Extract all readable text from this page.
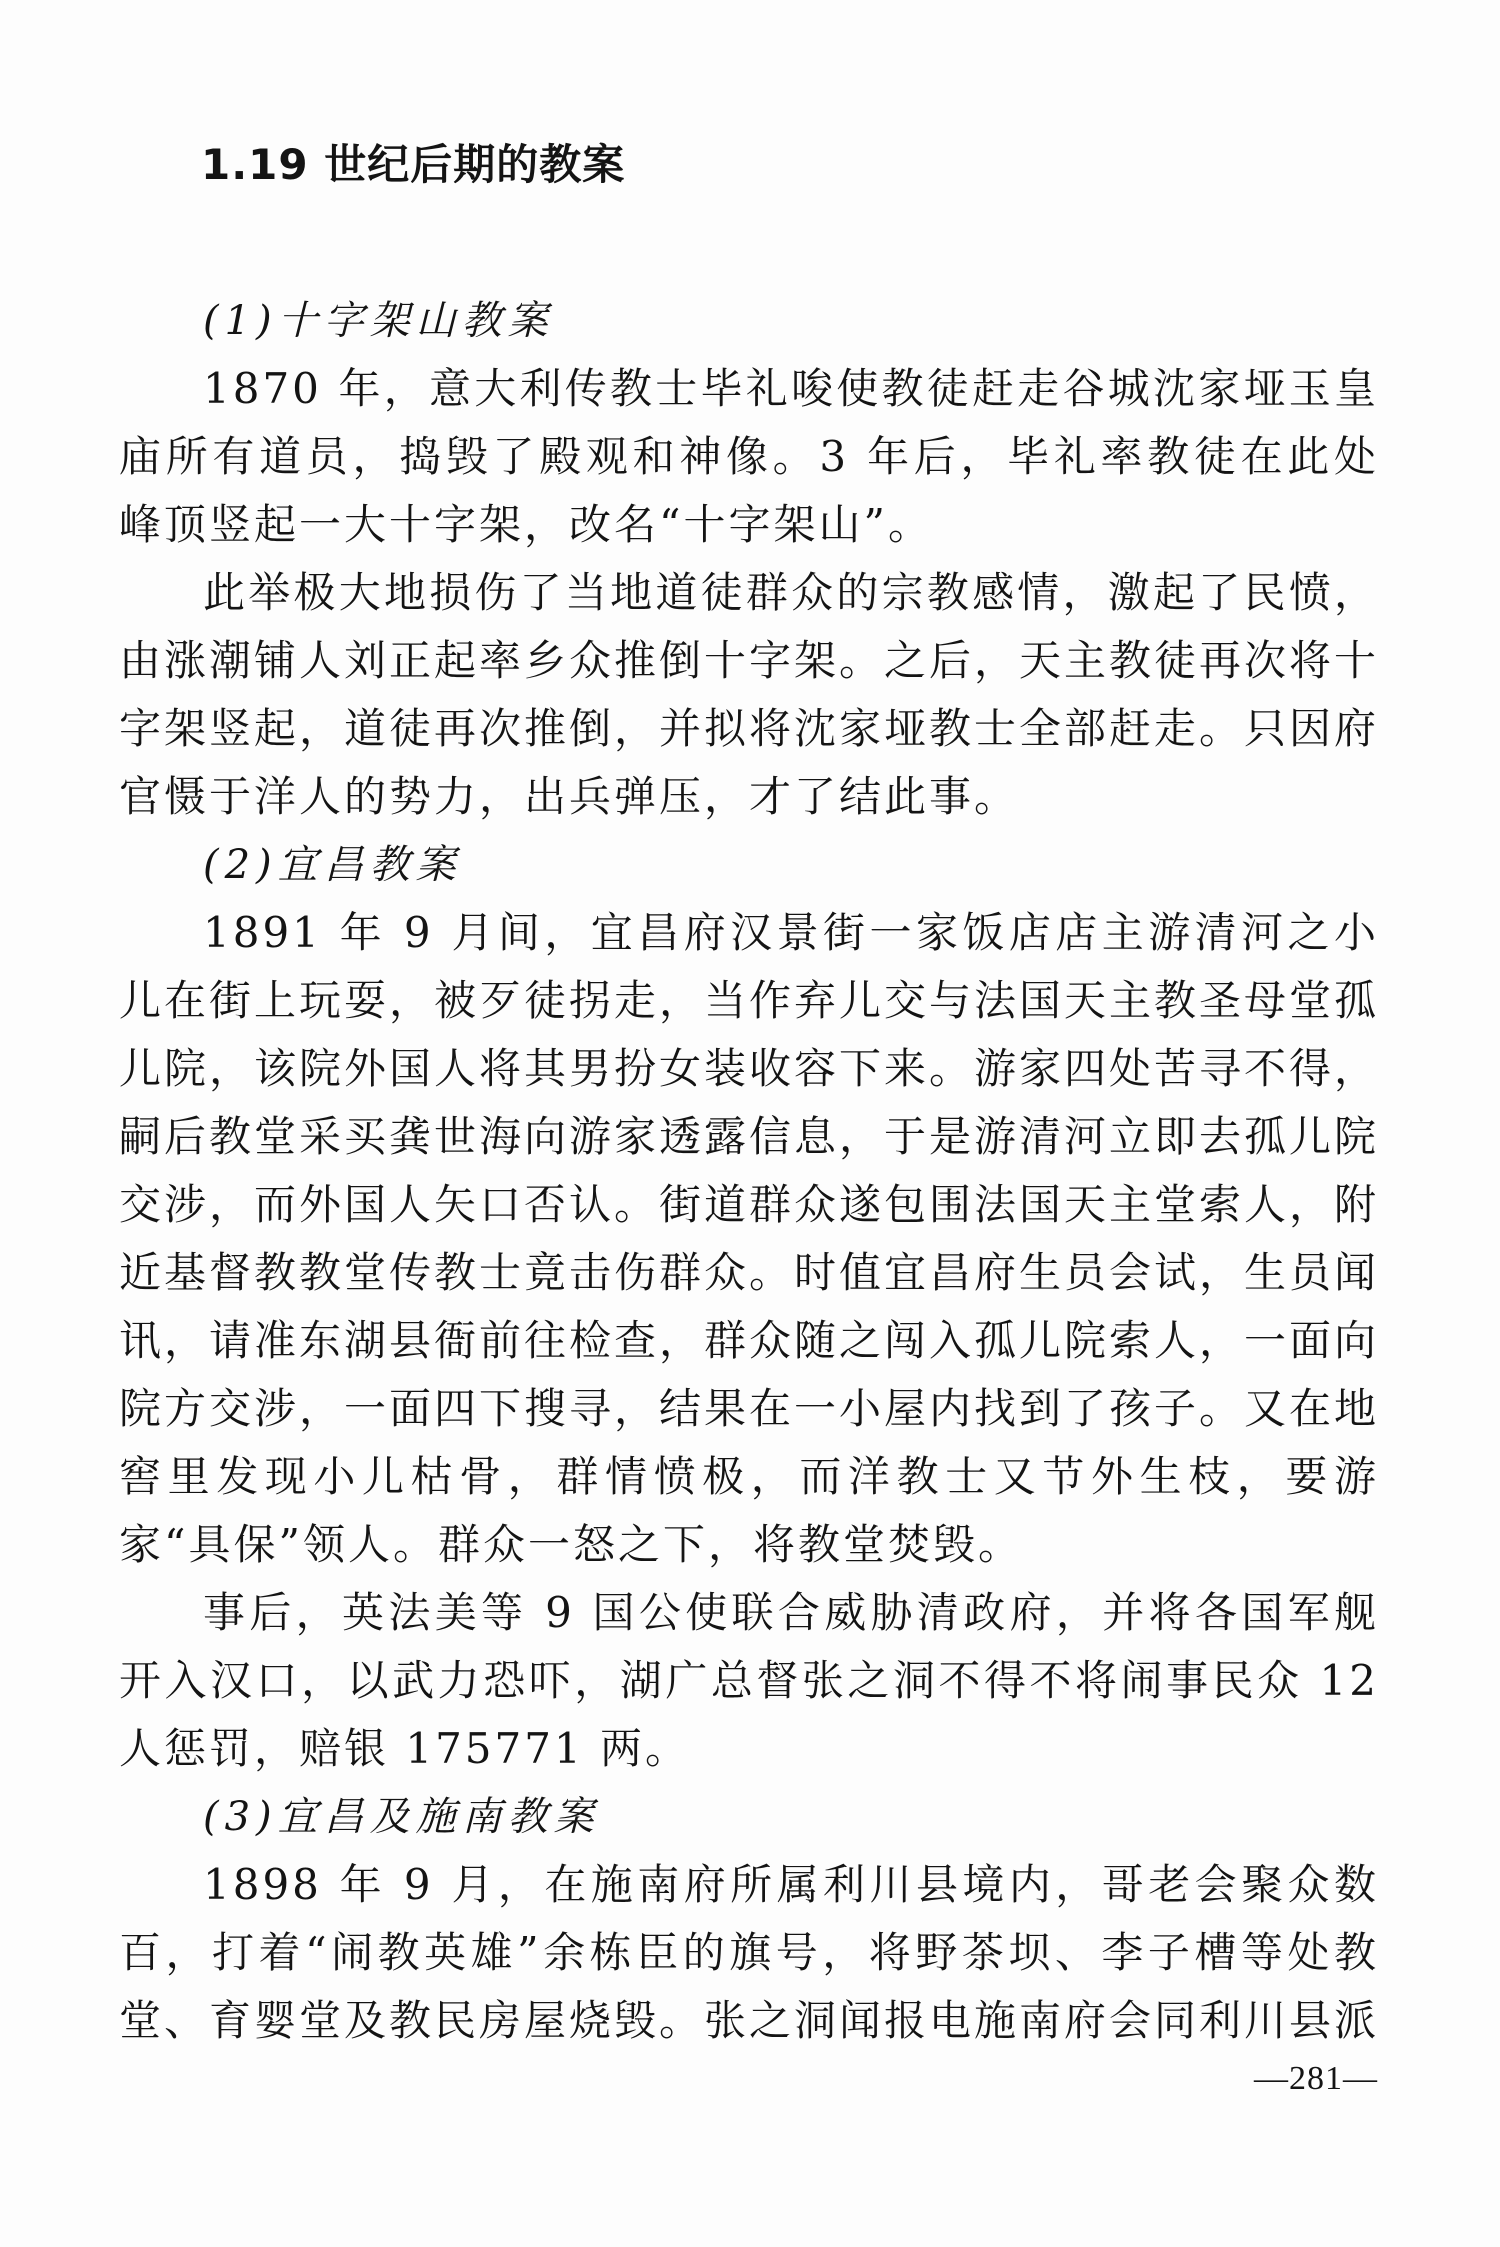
1.19 世纪后期的教案

(1)十字架山教案

1870 年，意大利传教士毕礼唆使教徒赶走谷城沈家垭玉皇庙所有道员，捣毁了殿观和神像。3 年后，毕礼率教徒在此处峰顶竖起一大十字架，改名“十字架山”。

此举极大地损伤了当地道徒群众的宗教感情，激起了民愤，由涨潮铺人刘正起率乡众推倒十字架。之后，天主教徒再次将十字架竖起，道徒再次推倒，并拟将沈家垭教士全部赶走。只因府官慑于洋人的势力，出兵弹压，才了结此事。

(2)宜昌教案

1891 年 9 月间，宜昌府汉景街一家饭店店主游清河之小儿在街上玩耍，被歹徒拐走，当作弃儿交与法国天主教圣母堂孤儿院，该院外国人将其男扮女装收容下来。游家四处苦寻不得，嗣后教堂采买龚世海向游家透露信息，于是游清河立即去孤儿院交涉，而外国人矢口否认。街道群众遂包围法国天主堂索人，附近基督教教堂传教士竟击伤群众。时值宜昌府生员会试，生员闻讯，请准东湖县衙前往检查，群众随之闯入孤儿院索人，一面向院方交涉，一面四下搜寻，结果在一小屋内找到了孩子。又在地窖里发现小儿枯骨，群情愤极，而洋教士又节外生枝，要游家“具保”领人。群众一怒之下，将教堂焚毁。

事后，英法美等 9 国公使联合威胁清政府，并将各国军舰开入汉口，以武力恐吓，湖广总督张之洞不得不将闹事民众 12 人惩罚，赔银 175771 两。

(3)宜昌及施南教案

1898 年 9 月，在施南府所属利川县境内，哥老会聚众数百，打着“闹教英雄”余栋臣的旗号，将野茶坝、李子槽等处教堂、育婴堂及教民房屋烧毁。张之洞闻报电施南府会同利川县派

—281—
